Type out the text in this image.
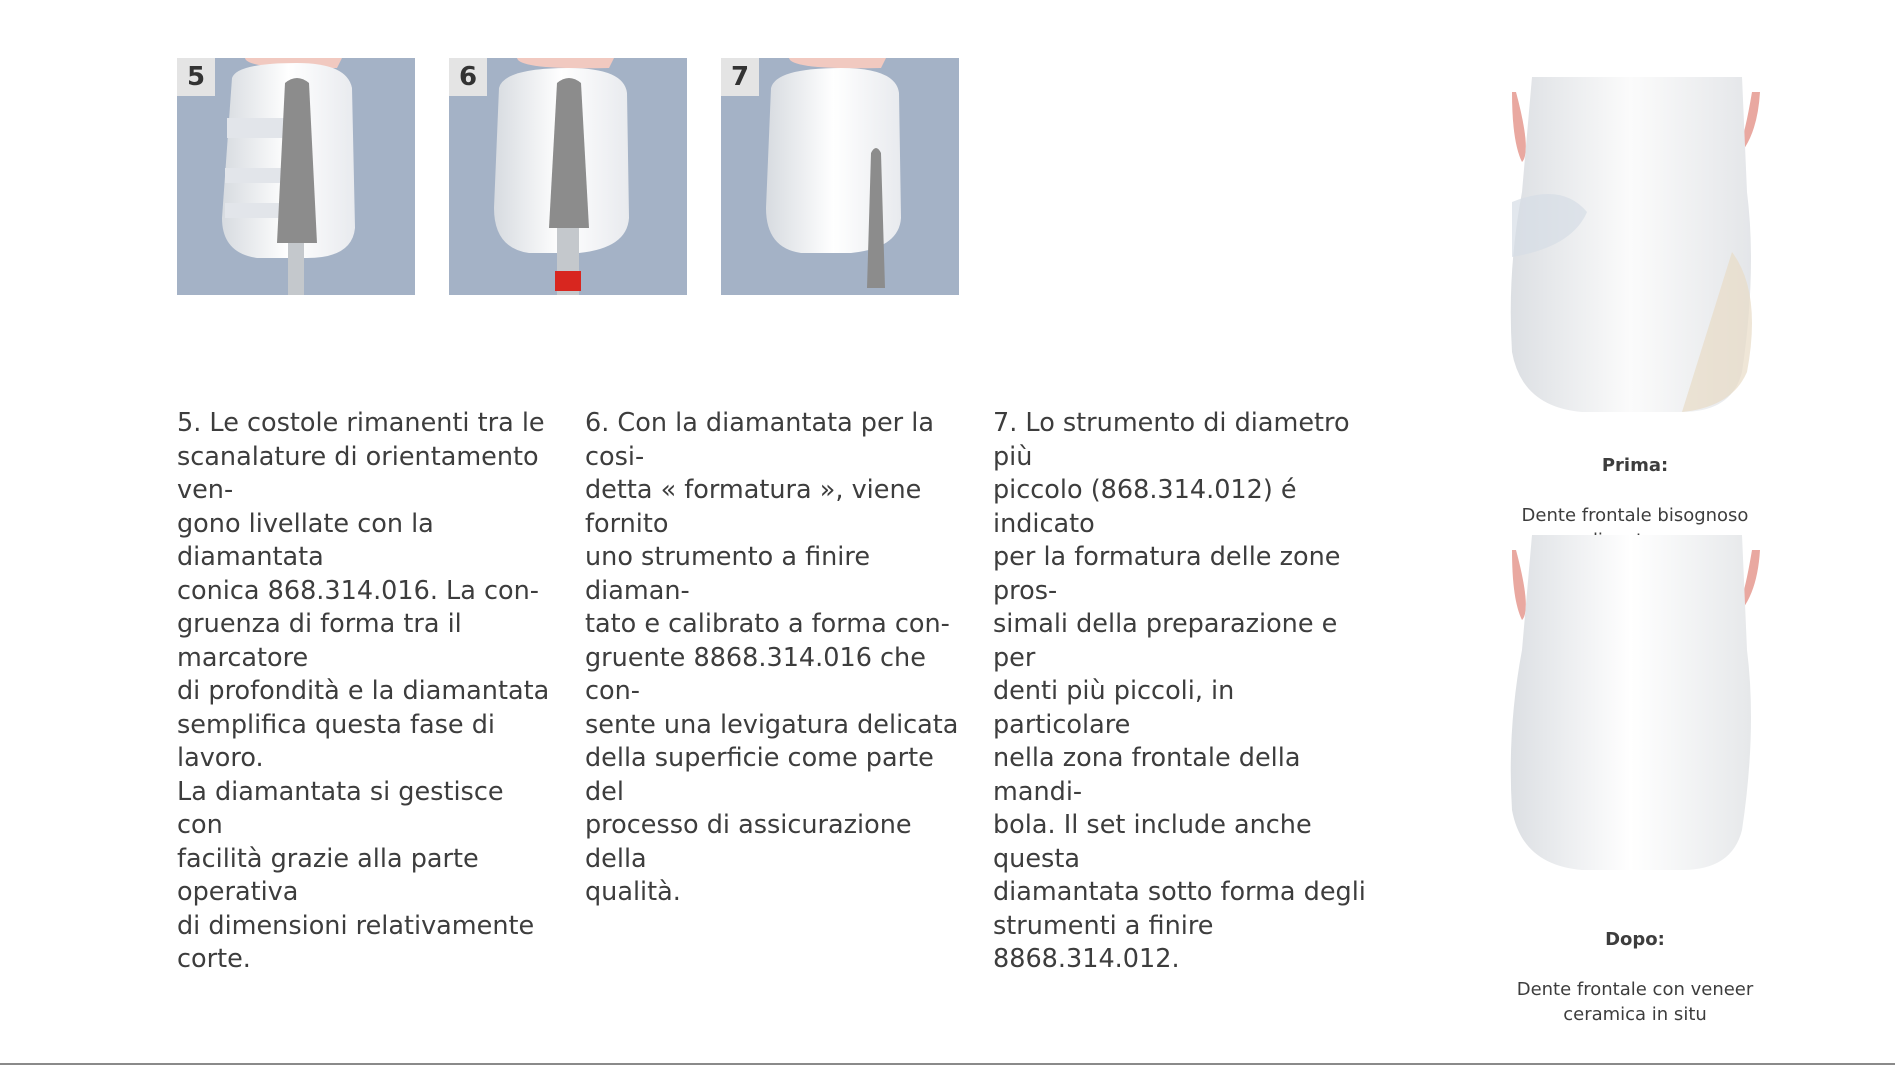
5	6	7
5. Le costole rimanenti tra le
scanalature di orientamento ven-
gono livellate con la diamantata
conica 868.314.016. La con-
gruenza di forma tra il marcatore
di profondità e la diamantata
semplifica questa fase di lavoro.
La diamantata si gestisce con
facilità grazie alla parte operativa
di dimensioni relativamente
corte.
6. Con la diamantata per la cosi-
detta « formatura », viene fornito
uno strumento a finire diaman-
tato e calibrato a forma con-
gruente 8868.314.016 che con-
sente una levigatura delicata
della superficie come parte del
processo di assicurazione della
qualità.
7. Lo strumento di diametro più
piccolo (868.314.012) é indicato
per la formatura delle zone pros-
simali della preparazione e per
denti più piccoli, in particolare
nella zona frontale della mandi-
bola. Il set include anche questa
diamantata sotto forma degli
strumenti a finire 8868.314.012.

Prima:

Dente frontale bisognoso

Dopo:

Dente frontale con veneer
ceramica in situ
